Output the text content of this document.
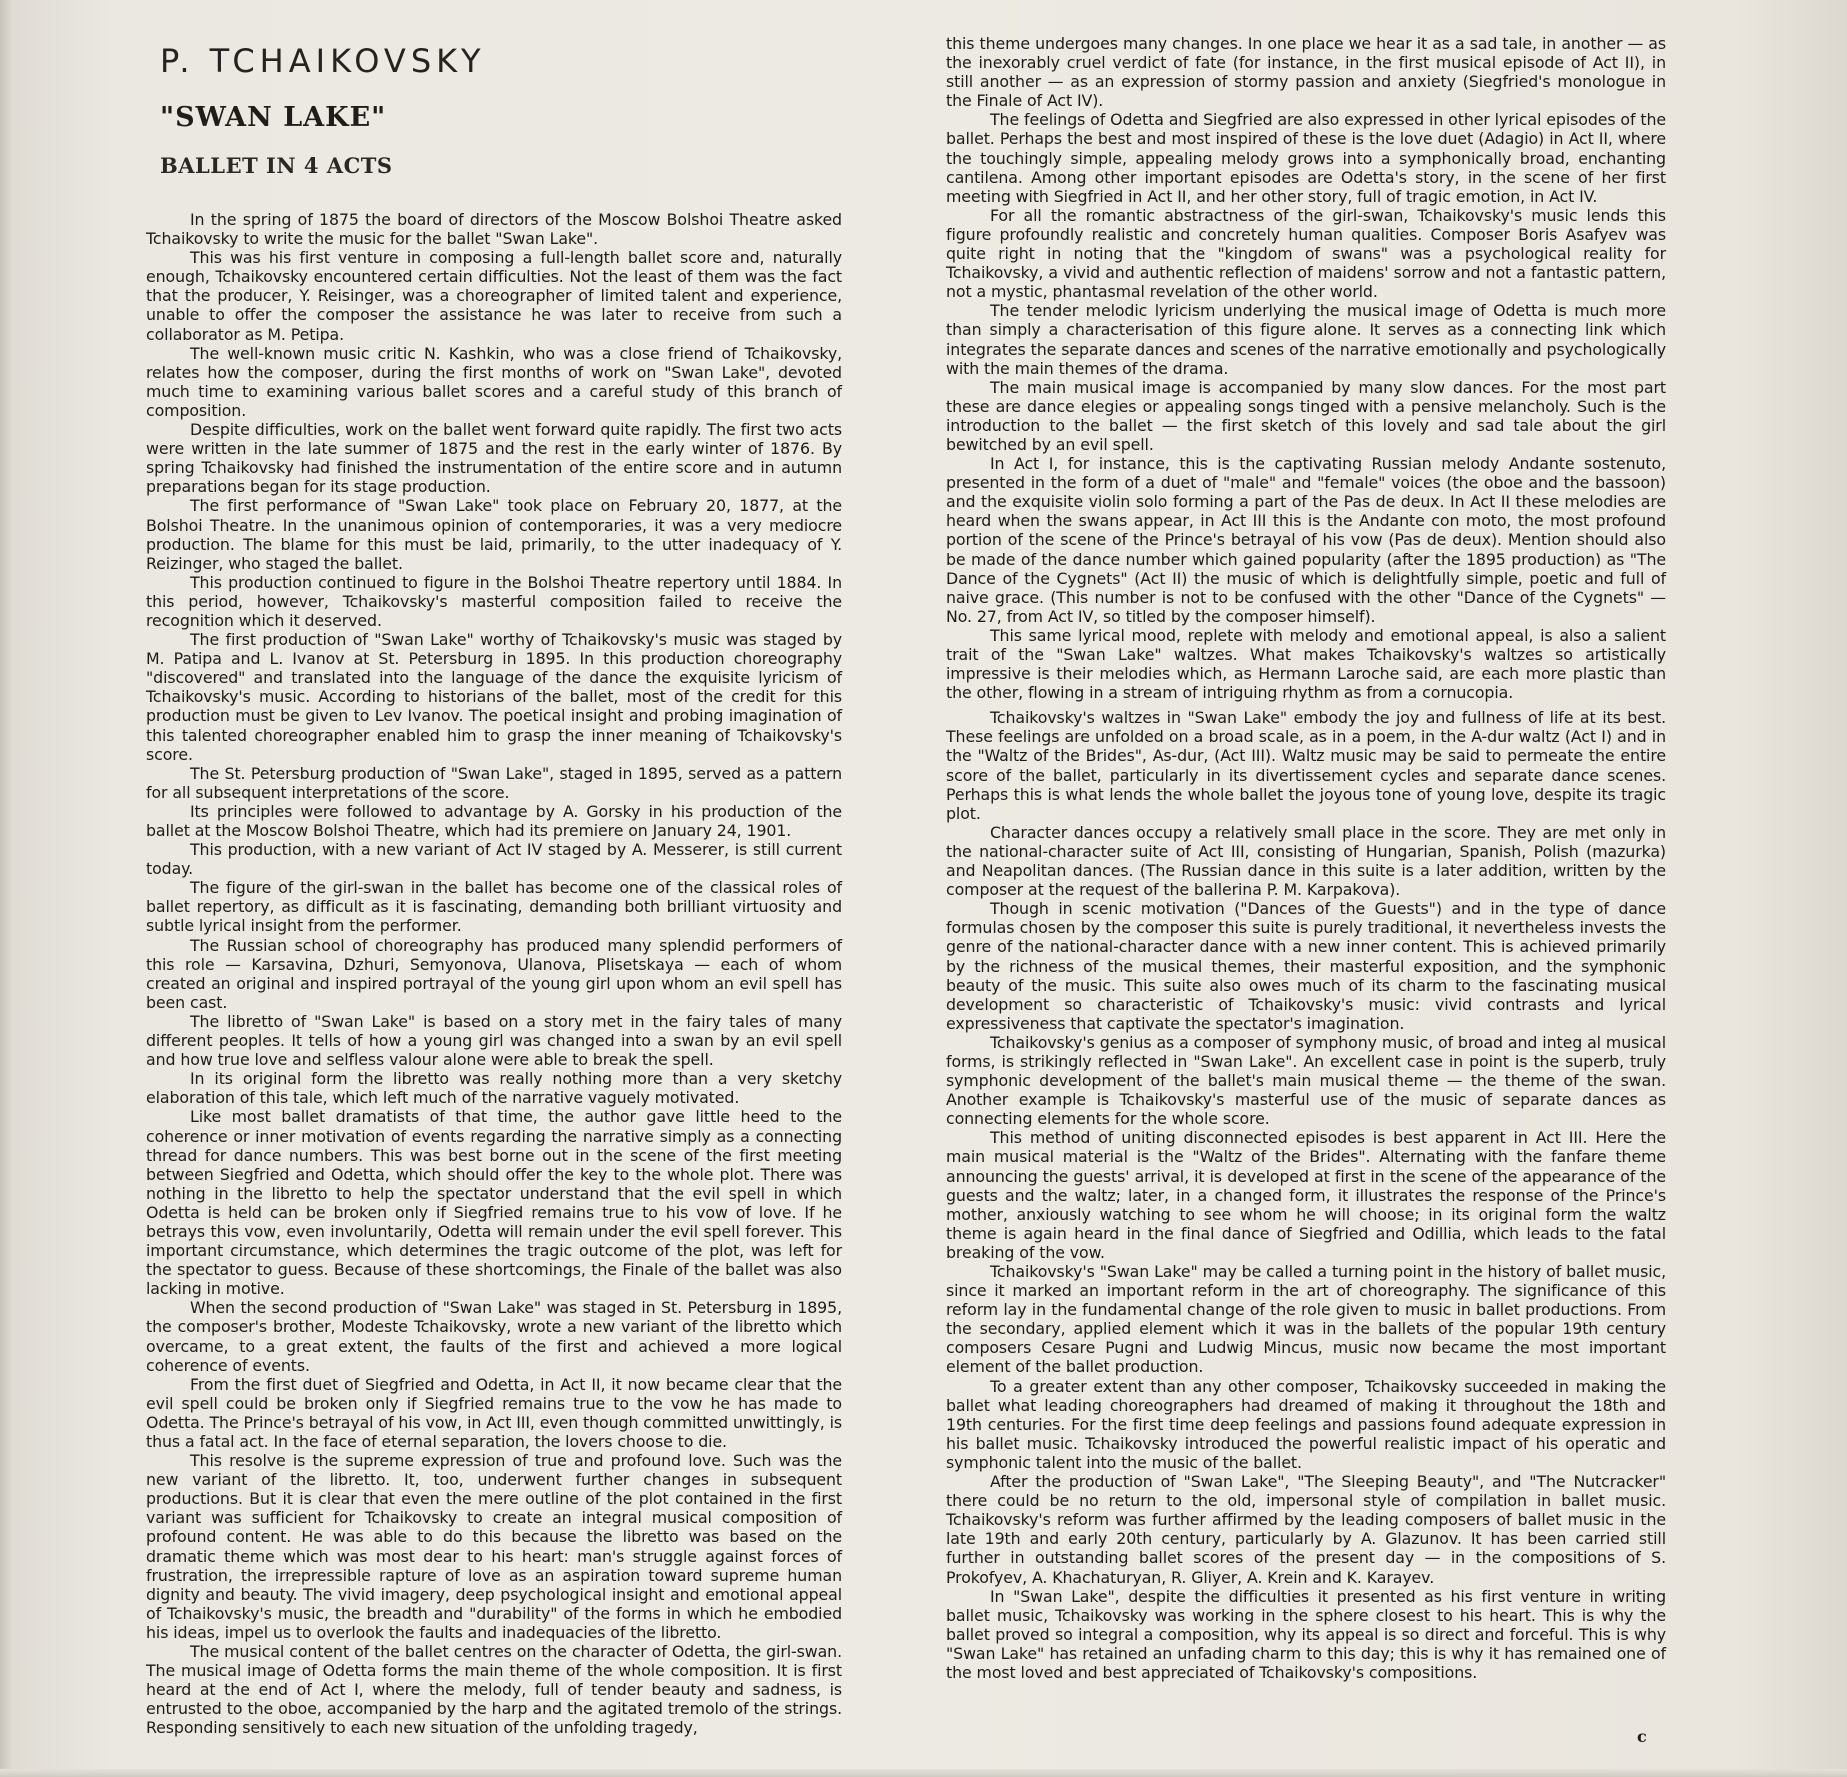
P. TCHAIKOVSKY
"SWAN LAKE"
BALLET IN 4 ACTS

In the spring of 1875 the board of directors of the Moscow Bolshoi Theatre asked Tchaikovsky to write the music for the ballet "Swan Lake".

This was his first venture in composing a full-length ballet score and, naturally enough, Tchaikovsky encountered certain difficulties. Not the least of them was the fact that the producer, Y. Reisinger, was a choreographer of limited talent and experience, unable to offer the composer the assistance he was later to receive from such a collaborator as M. Petipa.

The well-known music critic N. Kashkin, who was a close friend of Tchaikovsky, relates how the composer, during the first months of work on "Swan Lake", devoted much time to examining various ballet scores and a careful study of this branch of composition.

Despite difficulties, work on the ballet went forward quite rapidly. The first two acts were written in the late summer of 1875 and the rest in the early winter of 1876. By spring Tchaikovsky had finished the instrumentation of the entire score and in autumn preparations began for its stage production.

The first performance of "Swan Lake" took place on February 20, 1877, at the Bolshoi Theatre. In the unanimous opinion of contemporaries, it was a very mediocre production. The blame for this must be laid, primarily, to the utter inadequacy of Y. Reizinger, who staged the ballet.

This production continued to figure in the Bolshoi Theatre repertory until 1884. In this period, however, Tchaikovsky's masterful composition failed to receive the recognition which it deserved.

The first production of "Swan Lake" worthy of Tchaikovsky's music was staged by M. Patipa and L. Ivanov at St. Petersburg in 1895. In this production choreography "discovered" and translated into the language of the dance the exquisite lyricism of Tchaikovsky's music. According to historians of the ballet, most of the credit for this production must be given to Lev Ivanov. The poetical insight and probing imagination of this talented choreographer enabled him to grasp the inner meaning of Tchaikovsky's score.

The St. Petersburg production of "Swan Lake", staged in 1895, served as a pattern for all subsequent interpretations of the score.

Its principles were followed to advantage by A. Gorsky in his production of the ballet at the Moscow Bolshoi Theatre, which had its premiere on January 24, 1901.

This production, with a new variant of Act IV staged by A. Messerer, is still current today.

The figure of the girl-swan in the ballet has become one of the classical roles of ballet repertory, as difficult as it is fascinating, demanding both brilliant virtuosity and subtle lyrical insight from the performer.

The Russian school of choreography has produced many splendid performers of this role — Karsavina, Dzhuri, Semyonova, Ulanova, Plisetskaya — each of whom created an original and inspired portrayal of the young girl upon whom an evil spell has been cast.

The libretto of "Swan Lake" is based on a story met in the fairy tales of many different peoples. It tells of how a young girl was changed into a swan by an evil spell and how true love and selfless valour alone were able to break the spell.

In its original form the libretto was really nothing more than a very sketchy elaboration of this tale, which left much of the narrative vaguely motivated.

Like most ballet dramatists of that time, the author gave little heed to the coherence or inner motivation of events regarding the narrative simply as a connecting thread for dance numbers. This was best borne out in the scene of the first meeting between Siegfried and Odetta, which should offer the key to the whole plot. There was nothing in the libretto to help the spectator understand that the evil spell in which Odetta is held can be broken only if Siegfried remains true to his vow of love. If he betrays this vow, even involuntarily, Odetta will remain under the evil spell forever. This important circumstance, which determines the tragic outcome of the plot, was left for the spectator to guess. Because of these shortcomings, the Finale of the ballet was also lacking in motive.

When the second production of "Swan Lake" was staged in St. Petersburg in 1895, the composer's brother, Modeste Tchaikovsky, wrote a new variant of the libretto which overcame, to a great extent, the faults of the first and achieved a more logical coherence of events.

From the first duet of Siegfried and Odetta, in Act II, it now became clear that the evil spell could be broken only if Siegfried remains true to the vow he has made to Odetta. The Prince's betrayal of his vow, in Act III, even though committed unwittingly, is thus a fatal act. In the face of eternal separation, the lovers choose to die.

This resolve is the supreme expression of true and profound love. Such was the new variant of the libretto. It, too, underwent further changes in subsequent productions. But it is clear that even the mere outline of the plot contained in the first variant was sufficient for Tchaikovsky to create an integral musical composition of profound content. He was able to do this because the libretto was based on the dramatic theme which was most dear to his heart: man's struggle against forces of frustration, the irrepressible rapture of love as an aspiration toward supreme human dignity and beauty. The vivid imagery, deep psychological insight and emotional appeal of Tchaikovsky's music, the breadth and "durability" of the forms in which he embodied his ideas, impel us to overlook the faults and inadequacies of the libretto.

The musical content of the ballet centres on the character of Odetta, the girl-swan. The musical image of Odetta forms the main theme of the whole composition. It is first heard at the end of Act I, where the melody, full of tender beauty and sadness, is entrusted to the oboe, accompanied by the harp and the agitated tremolo of the strings. Responding sensitively to each new situation of the unfolding tragedy,

this theme undergoes many changes. In one place we hear it as a sad tale, in another — as the inexorably cruel verdict of fate (for instance, in the first musical episode of Act II), in still another — as an expression of stormy passion and anxiety (Siegfried's monologue in the Finale of Act IV).

The feelings of Odetta and Siegfried are also expressed in other lyrical episodes of the ballet. Perhaps the best and most inspired of these is the love duet (Adagio) in Act II, where the touchingly simple, appealing melody grows into a symphonically broad, enchanting cantilena. Among other important episodes are Odetta's story, in the scene of her first meeting with Siegfried in Act II, and her other story, full of tragic emotion, in Act IV.

For all the romantic abstractness of the girl-swan, Tchaikovsky's music lends this figure profoundly realistic and concretely human qualities. Composer Boris Asafyev was quite right in noting that the "kingdom of swans" was a psychological reality for Tchaikovsky, a vivid and authentic reflection of maidens' sorrow and not a fantastic pattern, not a mystic, phantasmal revelation of the other world.

The tender melodic lyricism underlying the musical image of Odetta is much more than simply a characterisation of this figure alone. It serves as a connecting link which integrates the separate dances and scenes of the narrative emotionally and psychologically with the main themes of the drama.

The main musical image is accompanied by many slow dances. For the most part these are dance elegies or appealing songs tinged with a pensive melancholy. Such is the introduction to the ballet — the first sketch of this lovely and sad tale about the girl bewitched by an evil spell.

In Act I, for instance, this is the captivating Russian melody Andante sostenuto, presented in the form of a duet of "male" and "female" voices (the oboe and the bassoon) and the exquisite violin solo forming a part of the Pas de deux. In Act II these melodies are heard when the swans appear, in Act III this is the Andante con moto, the most profound portion of the scene of the Prince's betrayal of his vow (Pas de deux). Mention should also be made of the dance number which gained popularity (after the 1895 production) as "The Dance of the Cygnets" (Act II) the music of which is delightfully simple, poetic and full of naive grace. (This number is not to be confused with the other "Dance of the Cygnets" — No. 27, from Act IV, so titled by the composer himself).

This same lyrical mood, replete with melody and emotional appeal, is also a salient trait of the "Swan Lake" waltzes. What makes Tchaikovsky's waltzes so artistically impressive is their melodies which, as Hermann Laroche said, are each more plastic than the other, flowing in a stream of intriguing rhythm as from a cornucopia.

Tchaikovsky's waltzes in "Swan Lake" embody the joy and fullness of life at its best. These feelings are unfolded on a broad scale, as in a poem, in the A-dur waltz (Act I) and in the "Waltz of the Brides", As-dur, (Act III). Waltz music may be said to permeate the entire score of the ballet, particularly in its divertissement cycles and separate dance scenes. Perhaps this is what lends the whole ballet the joyous tone of young love, despite its tragic plot.

Character dances occupy a relatively small place in the score. They are met only in the national-character suite of Act III, consisting of Hungarian, Spanish, Polish (mazurka) and Neapolitan dances. (The Russian dance in this suite is a later addition, written by the composer at the request of the ballerina P. M. Karpakova).

Though in scenic motivation ("Dances of the Guests") and in the type of dance formulas chosen by the composer this suite is purely traditional, it nevertheless invests the genre of the national-character dance with a new inner content. This is achieved primarily by the richness of the musical themes, their masterful exposition, and the symphonic beauty of the music. This suite also owes much of its charm to the fascinating musical development so characteristic of Tchaikovsky's music: vivid contrasts and lyrical expressiveness that captivate the spectator's imagination.

Tchaikovsky's genius as a composer of symphony music, of broad and integ al musical forms, is strikingly reflected in "Swan Lake". An excellent case in point is the superb, truly symphonic development of the ballet's main musical theme — the theme of the swan. Another example is Tchaikovsky's masterful use of the music of separate dances as connecting elements for the whole score.

This method of uniting disconnected episodes is best apparent in Act III. Here the main musical material is the "Waltz of the Brides". Alternating with the fanfare theme announcing the guests' arrival, it is developed at first in the scene of the appearance of the guests and the waltz; later, in a changed form, it illustrates the response of the Prince's mother, anxiously watching to see whom he will choose; in its original form the waltz theme is again heard in the final dance of Siegfried and Odillia, which leads to the fatal breaking of the vow.

Tchaikovsky's "Swan Lake" may be called a turning point in the history of ballet music, since it marked an important reform in the art of choreography. The significance of this reform lay in the fundamental change of the role given to music in ballet productions. From the secondary, applied element which it was in the ballets of the popular 19th century composers Cesare Pugni and Ludwig Mincus, music now became the most important element of the ballet production.

To a greater extent than any other composer, Tchaikovsky succeeded in making the ballet what leading choreographers had dreamed of making it throughout the 18th and 19th centuries. For the first time deep feelings and passions found adequate expression in his ballet music. Tchaikovsky introduced the powerful realistic impact of his operatic and symphonic talent into the music of the ballet.

After the production of "Swan Lake", "The Sleeping Beauty", and "The Nutcracker" there could be no return to the old, impersonal style of compilation in ballet music. Tchaikovsky's reform was further affirmed by the leading composers of ballet music in the late 19th and early 20th century, particularly by A. Glazunov. It has been carried still further in outstanding ballet scores of the present day — in the compositions of S. Prokofyev, A. Khachaturyan, R. Gliyer, A. Krein and K. Karayev.

In "Swan Lake", despite the difficulties it presented as his first venture in writing ballet music, Tchaikovsky was working in the sphere closest to his heart. This is why the ballet proved so integral a composition, why its appeal is so direct and forceful. This is why "Swan Lake" has retained an unfading charm to this day; this is why it has remained one of the most loved and best appreciated of Tchaikovsky's compositions.

c
